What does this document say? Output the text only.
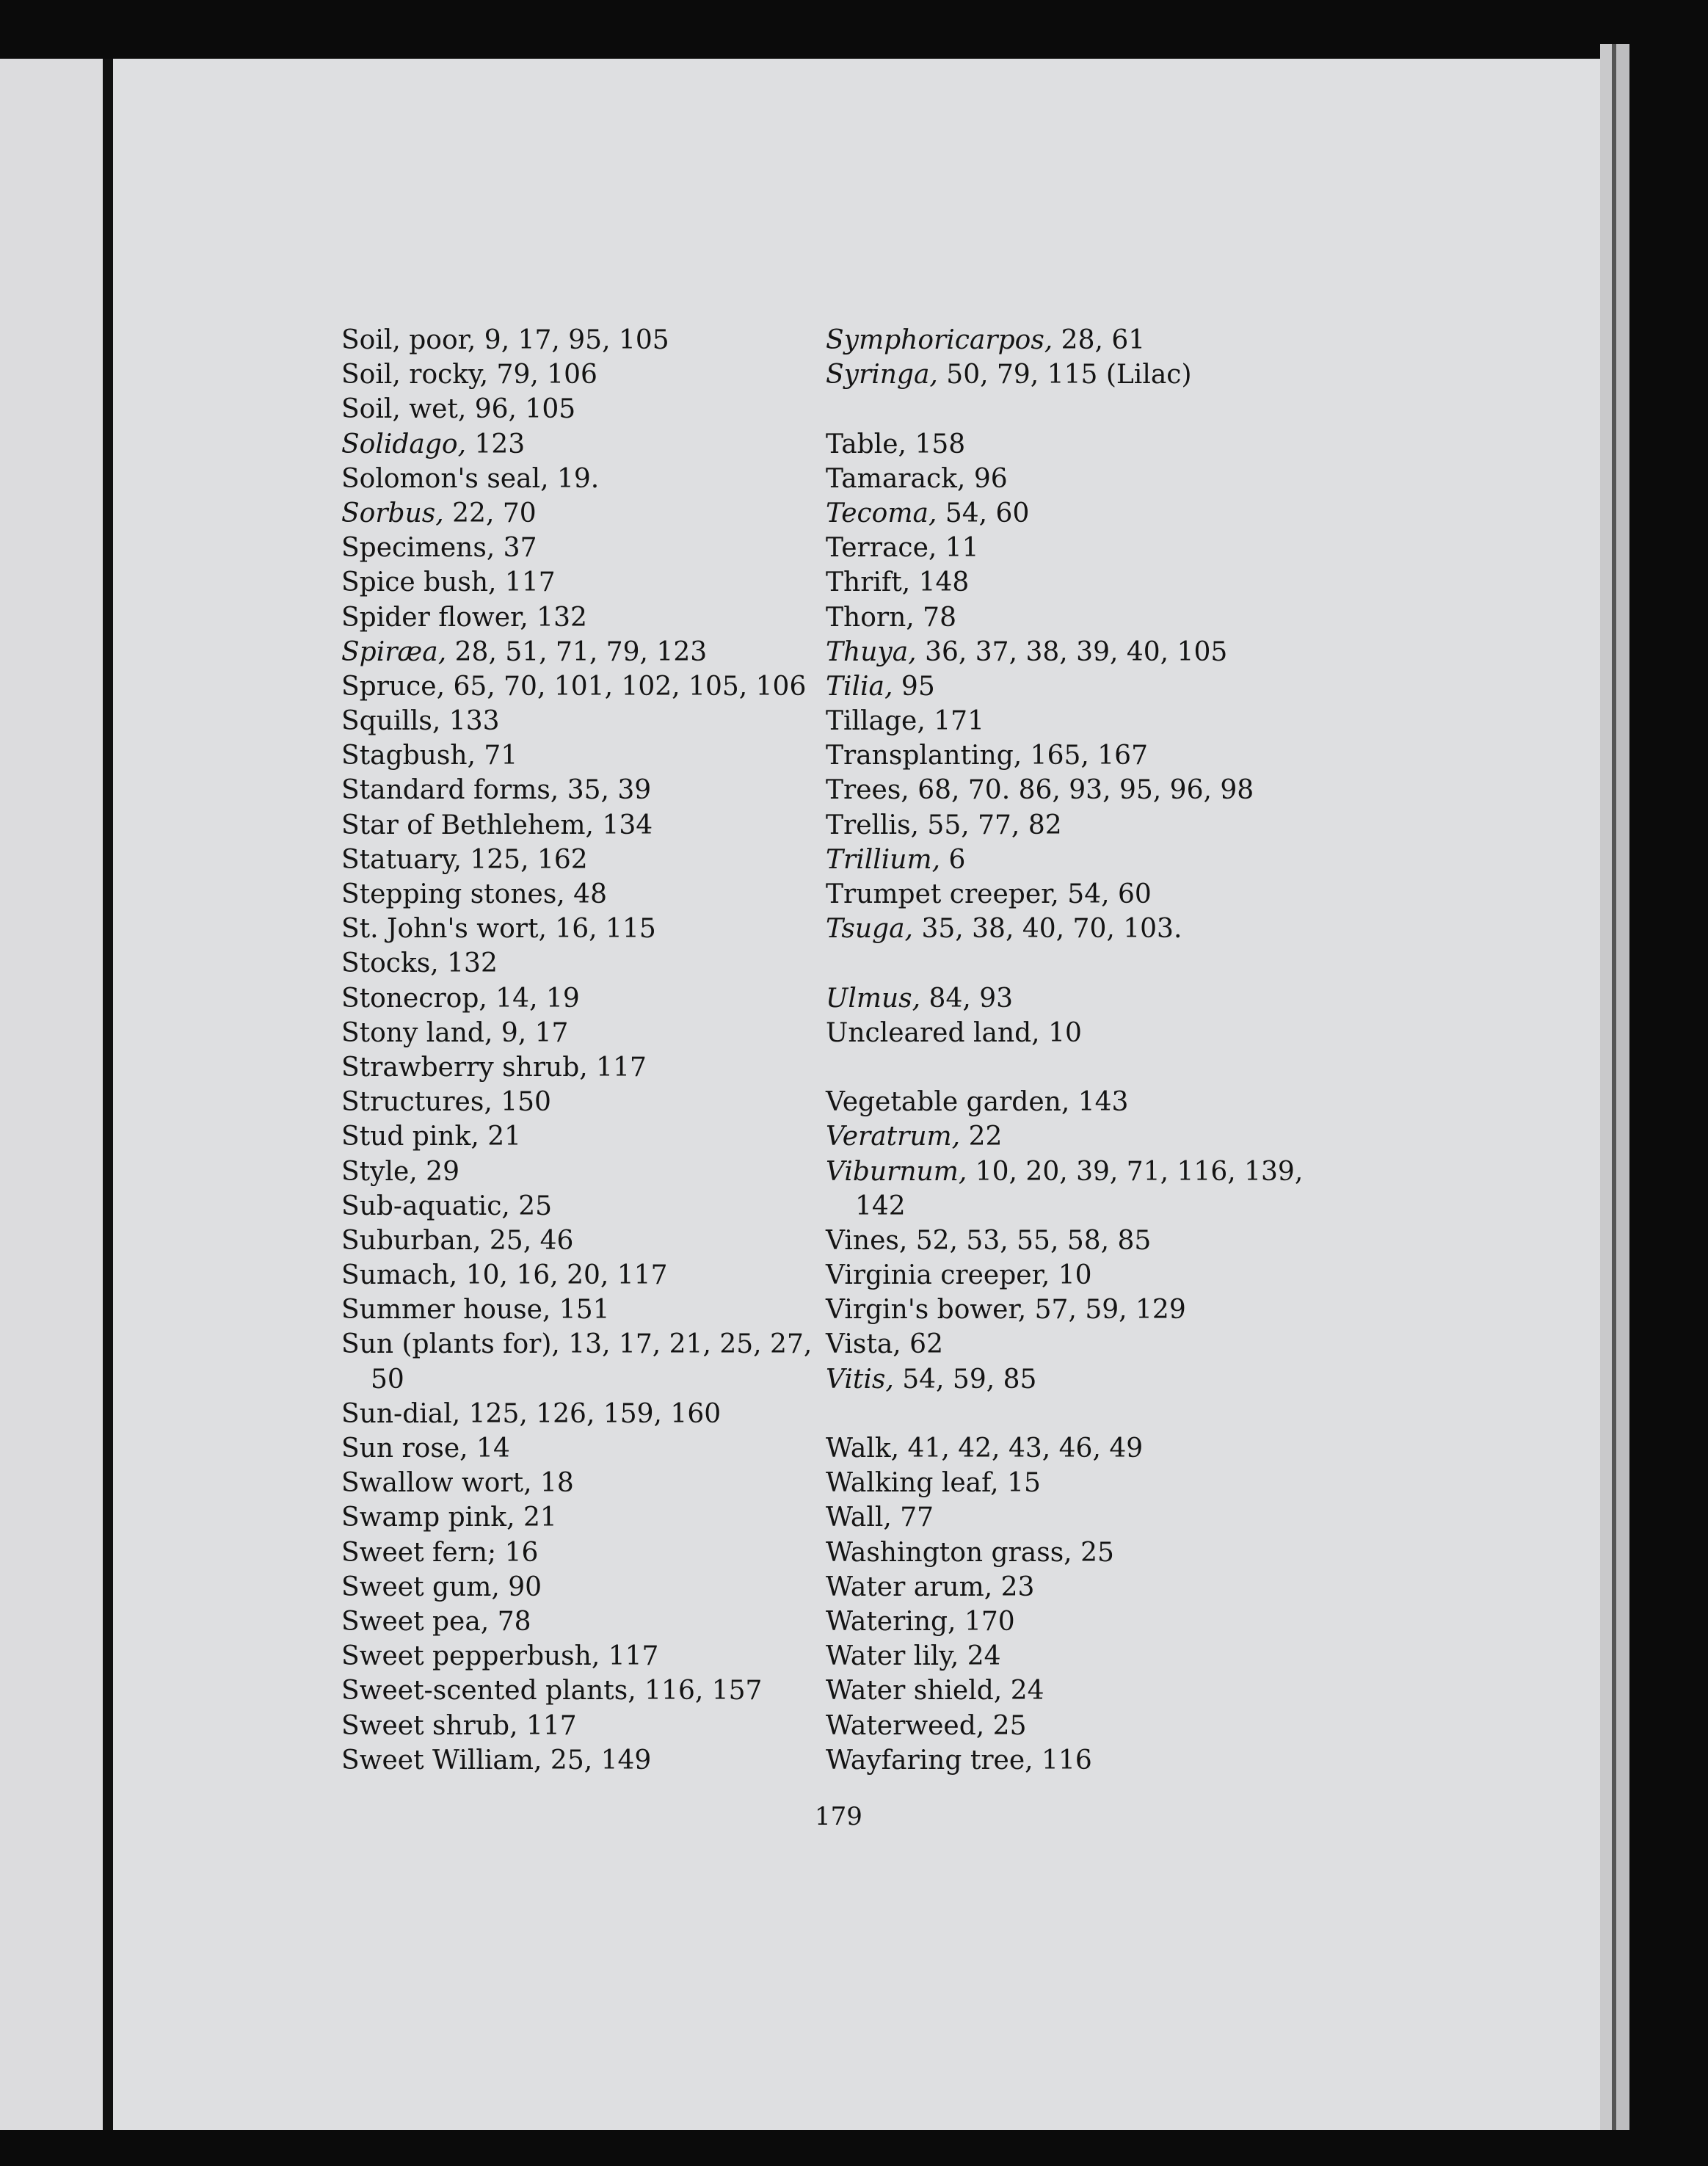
Soil, poor, 9, 17, 95, 105
Soil, rocky, 79, 106
Soil, wet, 96, 105
Solidago, 123
Solomon's seal, 19.
Sorbus, 22, 70
Specimens, 37
Spice bush, 117
Spider flower, 132
Spiræa, 28, 51, 71, 79, 123
Spruce, 65, 70, 101, 102, 105, 106
Squills, 133
Stagbush, 71
Standard forms, 35, 39
Star of Bethlehem, 134
Statuary, 125, 162
Stepping stones, 48
St. John's wort, 16, 115
Stocks, 132
Stonecrop, 14, 19
Stony land, 9, 17
Strawberry shrub, 117
Structures, 150
Stud pink, 21
Style, 29
Sub-aquatic, 25
Suburban, 25, 46
Sumach, 10, 16, 20, 117
Summer house, 151
Sun (plants for), 13, 17, 21, 25, 27,
50
Sun-dial, 125, 126, 159, 160
Sun rose, 14
Swallow wort, 18
Swamp pink, 21
Sweet fern; 16
Sweet gum, 90
Sweet pea, 78
Sweet pepperbush, 117
Sweet-scented plants, 116, 157
Sweet shrub, 117
Sweet William, 25, 149
Symphoricarpos, 28, 61
Syringa, 50, 79, 115 (Lilac)
Table, 158
Tamarack, 96
Tecoma, 54, 60
Terrace, 11
Thrift, 148
Thorn, 78
Thuya, 36, 37, 38, 39, 40, 105
Tilia, 95
Tillage, 171
Transplanting, 165, 167
Trees, 68, 70. 86, 93, 95, 96, 98
Trellis, 55, 77, 82
Trillium, 6
Trumpet creeper, 54, 60
Tsuga, 35, 38, 40, 70, 103.
Ulmus, 84, 93
Uncleared land, 10
Vegetable garden, 143
Veratrum, 22
Viburnum, 10, 20, 39, 71, 116, 139,
142
Vines, 52, 53, 55, 58, 85
Virginia creeper, 10
Virgin's bower, 57, 59, 129
Vista, 62
Vitis, 54, 59, 85
Walk, 41, 42, 43, 46, 49
Walking leaf, 15
Wall, 77
Washington grass, 25
Water arum, 23
Watering, 170
Water lily, 24
Water shield, 24
Waterweed, 25
Wayfaring tree, 116
179
